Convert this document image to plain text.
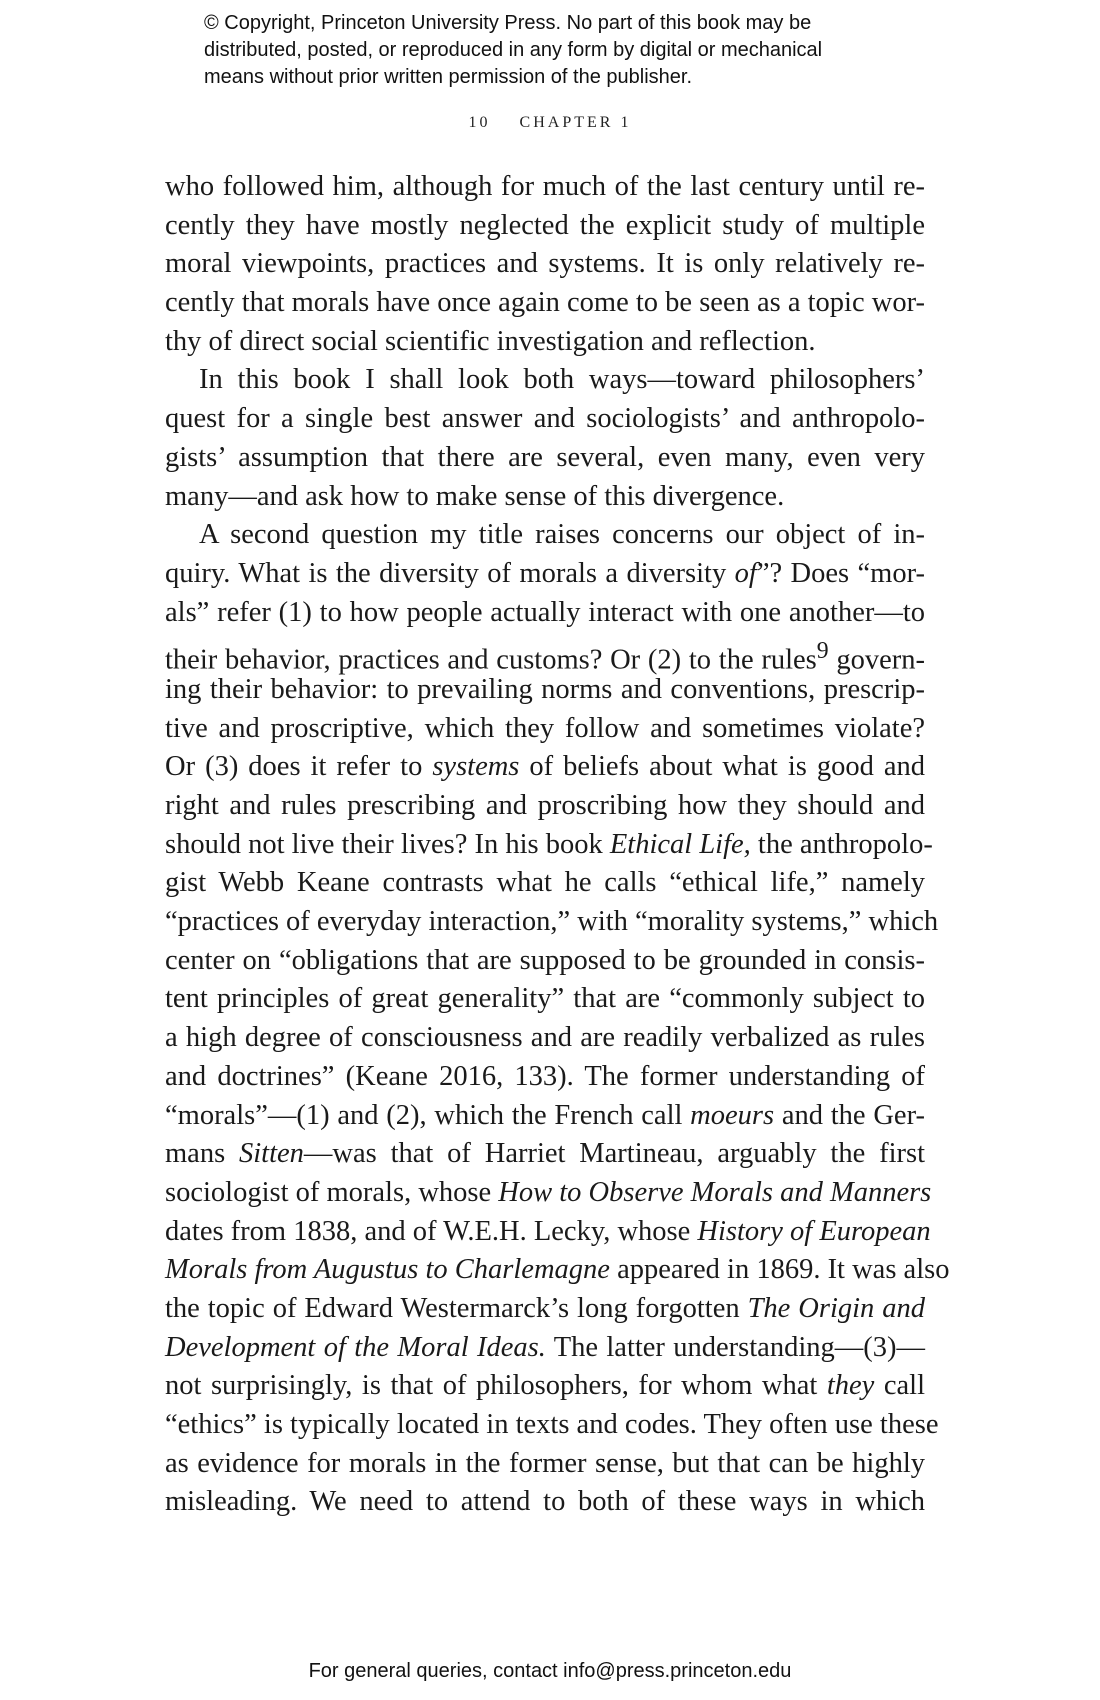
© Copyright, Princeton University Press. No part of this book may be
distributed, posted, or reproduced in any form by digital or mechanical
means without prior written permission of the publisher.
10 CHAPTER 1
who followed him, although for much of the last century until re-
cently they have mostly neglected the explicit study of multiple
moral viewpoints, practices and systems. It is only relatively re-
cently that morals have once again come to be seen as a topic wor-
thy of direct social scientific investigation and reflection.
In this book I shall look both ways—toward philosophers’
quest for a single best answer and sociologists’ and anthropolo-
gists’ assumption that there are several, even many, even very
many—and ask how to make sense of this divergence.
A second question my title raises concerns our object of in-
quiry. What is the diversity of morals a diversity of”? Does “mor-
als” refer (1) to how people actually interact with one another—to
their behavior, practices and customs? Or (2) to the rules$^9$ govern-
ing their behavior: to prevailing norms and conventions, prescrip-
tive and proscriptive, which they follow and sometimes violate?
Or (3) does it refer to systems of beliefs about what is good and
right and rules prescribing and proscribing how they should and
should not live their lives? In his book Ethical Life, the anthropolo-
gist Webb Keane contrasts what he calls “ethical life,” namely
“practices of everyday interaction,” with “morality systems,” which
center on “obligations that are supposed to be grounded in consis-
tent principles of great generality” that are “commonly subject to
a high degree of consciousness and are readily verbalized as rules
and doctrines” (Keane 2016, 133). The former understanding of
“morals”—(1) and (2), which the French call moeurs and the Ger-
mans Sitten—was that of Harriet Martineau, arguably the first
sociologist of morals, whose How to Observe Morals and Manners
dates from 1838, and of W.E.H. Lecky, whose History of European
Morals from Augustus to Charlemagne appeared in 1869. It was also
the topic of Edward Westermarck’s long forgotten The Origin and
Development of the Moral Ideas. The latter understanding—(3)—
not surprisingly, is that of philosophers, for whom what they call
“ethics” is typically located in texts and codes. They often use these
as evidence for morals in the former sense, but that can be highly
misleading. We need to attend to both of these ways in which
For general queries, contact info@press.princeton.edu
